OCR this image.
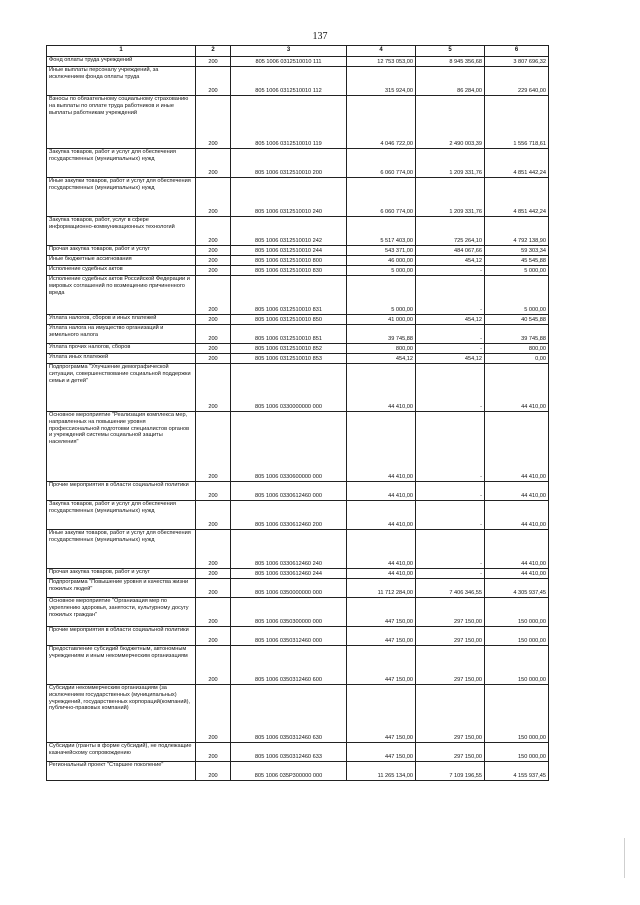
137
1	2	3	4	5	6
Фонд оплаты труда учреждений	200	805 1006 0312510010 111	12 753 053,00	8 945 356,68	3 807 696,32
Иные выплаты персоналу учреждений, за исключением фонда оплаты труда	200	805 1006 0312510010 112	315 924,00	86 284,00	229 640,00
Взносы по обязательному социальному страхованию на выплаты по оплате труда работников и иные выплаты работникам учреждений	200	805 1006 0312510010 119	4 046 722,00	2 490 003,39	1 556 718,61
Закупка товаров, работ и услуг для обеспечения государственных (муниципальных) нужд	200	805 1006 0312510010 200	6 060 774,00	1 209 331,76	4 851 442,24
Иные закупки товаров, работ и услуг для обеспечения государственных (муниципальных) нужд	200	805 1006 0312510010 240	6 060 774,00	1 209 331,76	4 851 442,24
Закупка товаров, работ, услуг в сфере информационно-коммуникационных технологий	200	805 1006 0312510010 242	5 517 403,00	725 264,10	4 792 138,90
Прочая закупка товаров, работ и услуг	200	805 1006 0312510010 244	543 371,00	484 067,66	59 303,34
Иные бюджетные ассигнования	200	805 1006 0312510010 800	46 000,00	454,12	45 545,88
Исполнение судебных актов	200	805 1006 0312510010 830	5 000,00	-	5 000,00
Исполнение судебных актов Российской Федерации и мировых соглашений по возмещению причиненного вреда	200	805 1006 0312510010 831	5 000,00	-	5 000,00
Уплата налогов, сборов и иных платежей	200	805 1006 0312510010 850	41 000,00	454,12	40 545,88
Уплата налога на имущество организаций и земельного налога	200	805 1006 0312510010 851	39 745,88	-	39 745,88
Уплата прочих налогов, сборов	200	805 1006 0312510010 852	800,00	-	800,00
Уплата иных платежей	200	805 1006 0312510010 853	454,12	454,12	0,00
Подпрограмма "Улучшение демографической ситуации, совершенствование социальной поддержки семьи и детей"	200	805 1006 0330000000 000	44 410,00	-	44 410,00
Основное мероприятие "Реализация комплекса мер, направленных на повышение уровня профессиональной подготовки специалистов органов и учреждений системы социальной защиты населения"	200	805 1006 0330600000 000	44 410,00	-	44 410,00
Прочие мероприятия в области социальной политики	200	805 1006 0330612460 000	44 410,00	-	44 410,00
Закупка товаров, работ и услуг для обеспечения государственных (муниципальных) нужд	200	805 1006 0330612460 200	44 410,00	-	44 410,00
Иные закупки товаров, работ и услуг для обеспечения государственных (муниципальных) нужд	200	805 1006 0330612460 240	44 410,00	-	44 410,00
Прочая закупка товаров, работ и услуг	200	805 1006 0330612460 244	44 410,00	-	44 410,00
Подпрограмма "Повышение уровня и качества жизни пожилых людей"	200	805 1006 0350000000 000	11 712 284,00	7 406 346,55	4 305 937,45
Основное мероприятие "Организация мер по укреплению здоровья, занятости, культурному досугу пожилых граждан"	200	805 1006 0350300000 000	447 150,00	297 150,00	150 000,00
Прочие мероприятия в области социальной политики	200	805 1006 0350312460 000	447 150,00	297 150,00	150 000,00
Предоставление субсидий бюджетным, автономным учреждениям и иным некоммерческим организациям	200	805 1006 0350312460 600	447 150,00	297 150,00	150 000,00
Субсидии некоммерческим организациям (за исключением государственных (муниципальных) учреждений, государственных корпораций(компаний), публично-правовых компаний)	200	805 1006 0350312460 630	447 150,00	297 150,00	150 000,00
Субсидии (гранты в форме субсидий), не подлежащие казначейскому сопровождению	200	805 1006 0350312460 633	447 150,00	297 150,00	150 000,00
Региональный проект "Старшее поколение"	200	805 1006 035P300000 000	11 265 134,00	7 109 196,55	4 155 937,45
